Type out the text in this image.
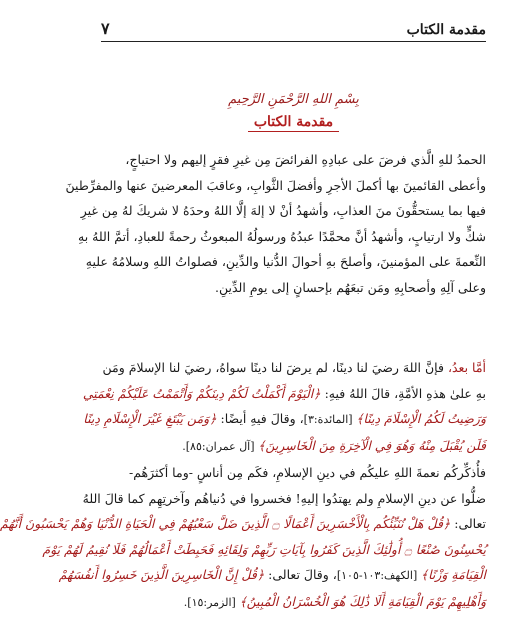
مقدمة الكتاب
٧
بِسْمِ اللهِ الرَّحْمَنِ الرَّحِيمِ
مقدمة الكتاب
الحمدُ للهِ الَّذي فرضَ على عبادِهِ الفرائضَ مِن غيرِ فقرٍ إليهم ولا احتياجٍ،
وأعطى القائمينَ بها أكملَ الأجرِ وأفضلَ الثَّوابِ، وعاقبَ المعرضينَ عنها والمفرِّطينَ
فيها بما يستحقُّونَ منَ العذابِ، وأشهدُ أنْ لا إلهَ إلَّا اللهُ وحدَهُ لا شريكَ لهُ مِن غيرِ
شكٍّ ولا ارتيابٍ، وأشهدُ أنَّ محمَّدًا عبدُهُ ورسولُهُ المبعوثُ رحمةً للعبادِ، أتمَّ اللهُ بهِ
النِّعمةَ على المؤمنينَ، وأصلحَ بهِ أحوالَ الدُّنيا والدِّينِ، فصلواتُ اللهِ وسلامُهُ عليهِ
وعلى آلِهِ وأصحابِهِ ومَن تبعَهُم بإحسانٍ إلى يومِ الدِّينِ.
أمَّا بعدُ، فإنَّ اللهَ رضيَ لنا دينًا، لم يرضَ لنا دينًا سواهُ، رضيَ لنا الإسلامَ ومَن
بهِ علىٰ هذهِ الأمَّةِ، قالَ اللهُ فيهِ: ﴿الْيَوْمَ أَكْمَلْتُ لَكُمْ دِينَكُمْ وَأَتْمَمْتُ عَلَيْكُمْ نِعْمَتِي
وَرَضِيتُ لَكُمُ الْإِسْلَامَ دِينًا﴾ [المائدة:٣]، وقالَ فيهِ أيضًا: ﴿وَمَن يَبْتَغِ غَيْرَ الْإِسْلَامِ دِينًا
فَلَن يُقْبَلَ مِنْهُ وَهُوَ فِي الْآخِرَةِ مِنَ الْخَاسِرِينَ﴾ [آل عمران:٨٥].
فأُذكِّركُم نعمةَ اللهِ عليكُم في دينِ الإسلامِ، فكَم مِن أناسٍ -وما أكثرَهُم-
ضلُّوا عن دينِ الإسلامِ ولم يهتدُوا إليهِ! فخسروا في دُنياهُم وآخرتِهِم كما قالَ اللهُ
تعالى: ﴿قُلْ هَلْ نُنَبِّئُكُم بِالْأَخْسَرِينَ أَعْمَالًا ۝ الَّذِينَ ضَلَّ سَعْيُهُمْ فِي الْحَيَاةِ الدُّنْيَا وَهُمْ يَحْسَبُونَ أَنَّهُمْ
يُحْسِنُونَ صُنْعًا ۝ أُولَٰئِكَ الَّذِينَ كَفَرُوا بِآيَاتِ رَبِّهِمْ وَلِقَائِهِ فَحَبِطَتْ أَعْمَالُهُمْ فَلَا نُقِيمُ لَهُمْ يَوْمَ
الْقِيَامَةِ وَزْنًا﴾ [الكهف:١٠٣-١٠٥]، وقالَ تعالى: ﴿قُلْ إِنَّ الْخَاسِرِينَ الَّذِينَ خَسِرُوا أَنفُسَهُمْ
وَأَهْلِيهِمْ يَوْمَ الْقِيَامَةِ أَلَا ذَٰلِكَ هُوَ الْخُسْرَانُ الْمُبِينُ﴾ [الزمر:١٥].
